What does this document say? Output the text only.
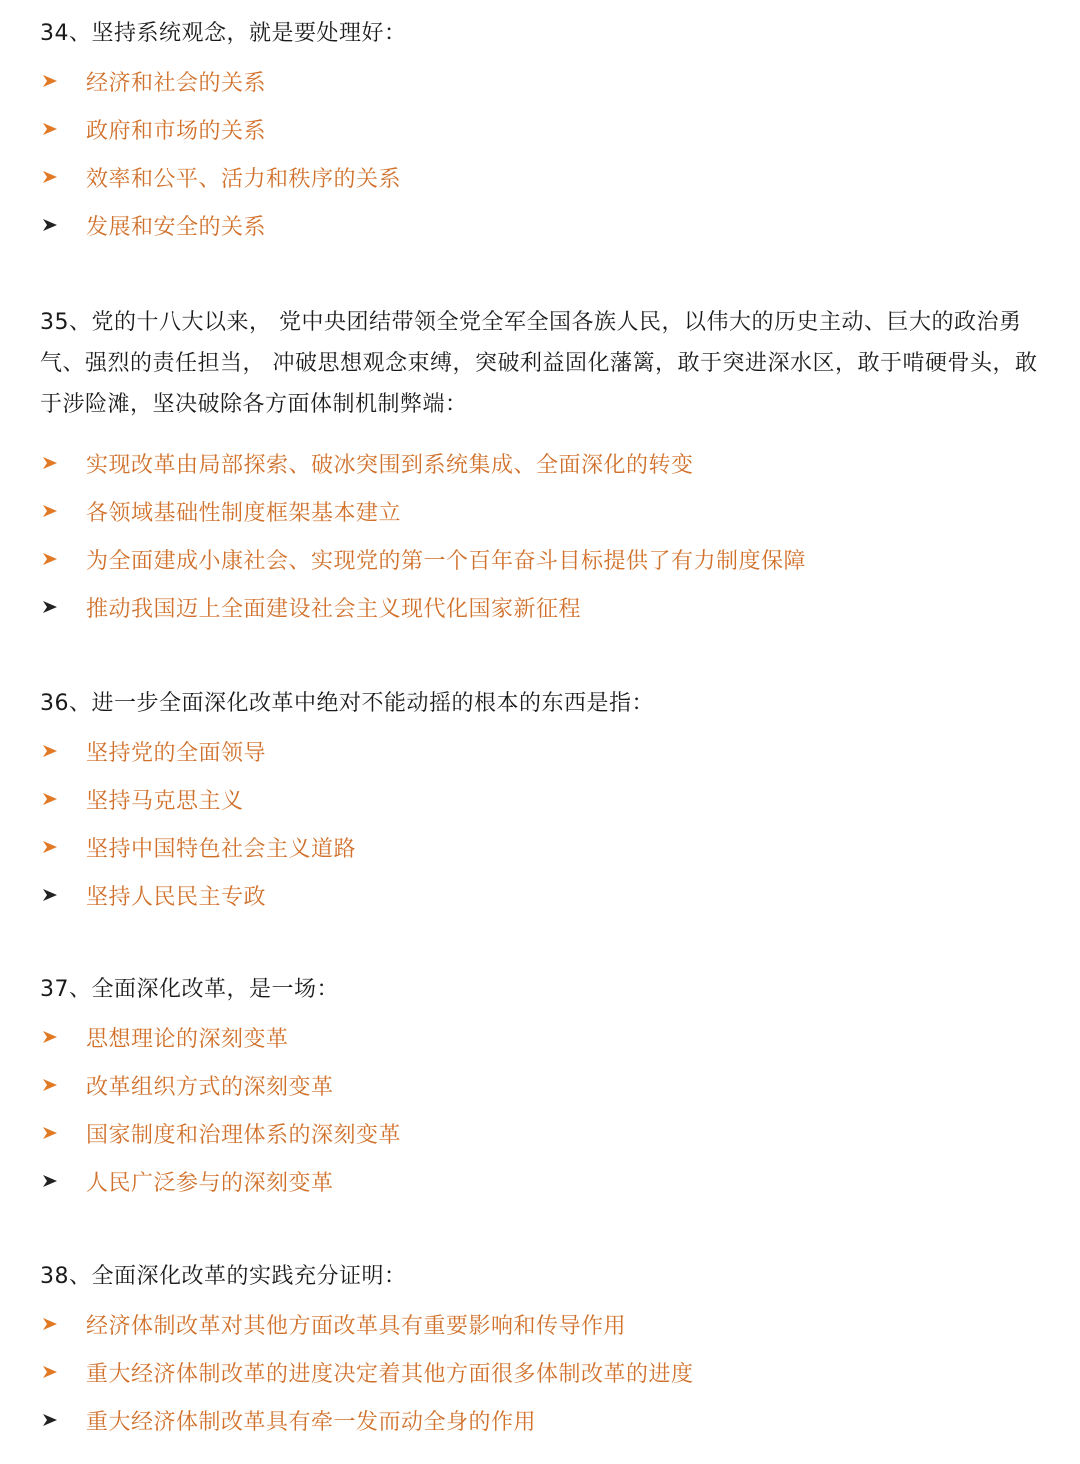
34、坚持系统观念，就是要处理好：

经济和社会的关系
政府和市场的关系
效率和公平、活力和秩序的关系
发展和安全的关系

35、党的十八大以来， 党中央团结带领全党全军全国各族人民，以伟大的历史主动、巨大的政治勇气、强烈的责任担当， 冲破思想观念束缚，突破利益固化藩篱，敢于突进深水区，敢于啃硬骨头，敢于涉险滩，坚决破除各方面体制机制弊端：

实现改革由局部探索、破冰突围到系统集成、全面深化的转变
各领域基础性制度框架基本建立
为全面建成小康社会、实现党的第一个百年奋斗目标提供了有力制度保障
推动我国迈上全面建设社会主义现代化国家新征程

36、进一步全面深化改革中绝对不能动摇的根本的东西是指：

坚持党的全面领导
坚持马克思主义
坚持中国特色社会主义道路
坚持人民民主专政

37、全面深化改革，是一场：

思想理论的深刻变革
改革组织方式的深刻变革
国家制度和治理体系的深刻变革
人民广泛参与的深刻变革

38、全面深化改革的实践充分证明：

经济体制改革对其他方面改革具有重要影响和传导作用
重大经济体制改革的进度决定着其他方面很多体制改革的进度
重大经济体制改革具有牵一发而动全身的作用
